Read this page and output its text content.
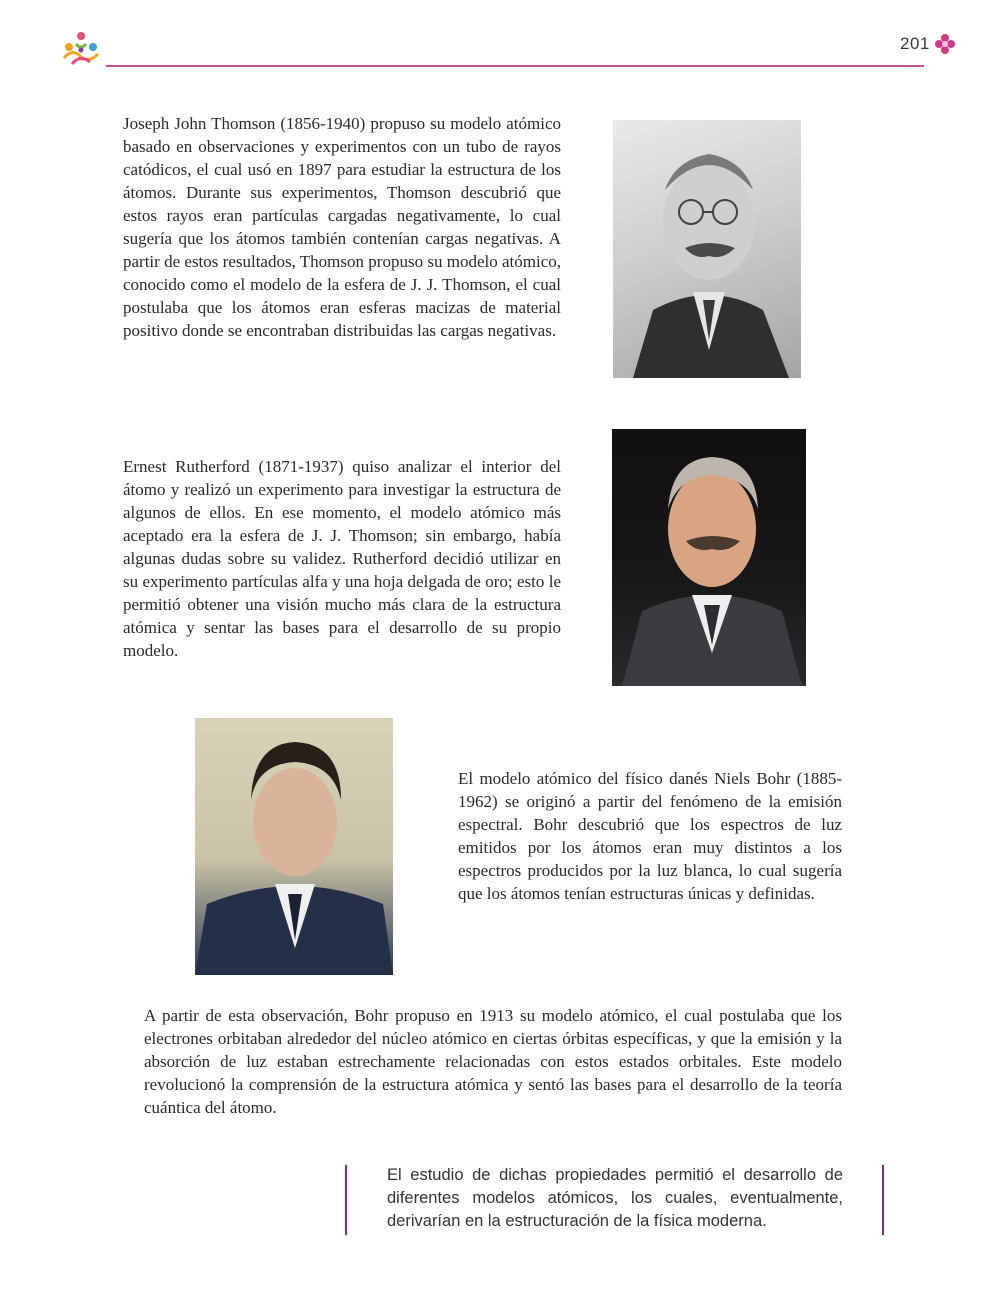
201

Joseph John Thomson (1856-1940) propuso su modelo atómico basado en observaciones y experimentos con un tubo de rayos catódicos, el cual usó en 1897 para estudiar la estructura de los átomos. Durante sus experimentos, Thomson descubrió que estos rayos eran partículas cargadas negativamente, lo cual sugería que los átomos también contenían cargas negativas. A partir de estos resultados, Thomson propuso su modelo atómico, conocido como el modelo de la esfera de J. J. Thomson, el cual postulaba que los átomos eran esferas macizas de material positivo donde se encontraban distribuidas las cargas negativas.

Ernest Rutherford (1871-1937) quiso analizar el interior del átomo y realizó un experimento para investigar la estructura de algunos de ellos. En ese momento, el modelo atómico más aceptado era la esfera de J. J. Thomson; sin embargo, había algunas dudas sobre su validez. Rutherford decidió utilizar en su experimento partículas alfa y una hoja delgada de oro; esto le permitió obtener una visión mucho más clara de la estructura atómica y sentar las bases para el desarrollo de su propio modelo.

El modelo atómico del físico danés Niels Bohr (1885-1962) se originó a partir del fenómeno de la emisión espectral. Bohr descubrió que los espectros de luz emitidos por los átomos eran muy distintos a los espectros producidos por la luz blanca, lo cual sugería que los átomos tenían estructuras únicas y definidas.

A partir de esta observación, Bohr propuso en 1913 su modelo atómico, el cual postulaba que los electrones orbitaban alrededor del núcleo atómico en ciertas órbitas específicas, y que la emisión y la absorción de luz estaban estrechamente relacionadas con estos estados orbitales. Este modelo revolucionó la comprensión de la estructura atómica y sentó las bases para el desarrollo de la teoría cuántica del átomo.

El estudio de dichas propiedades permitió el desarrollo de diferentes modelos atómicos, los cuales, eventualmente, derivarían en la estructuración de la física moderna.
